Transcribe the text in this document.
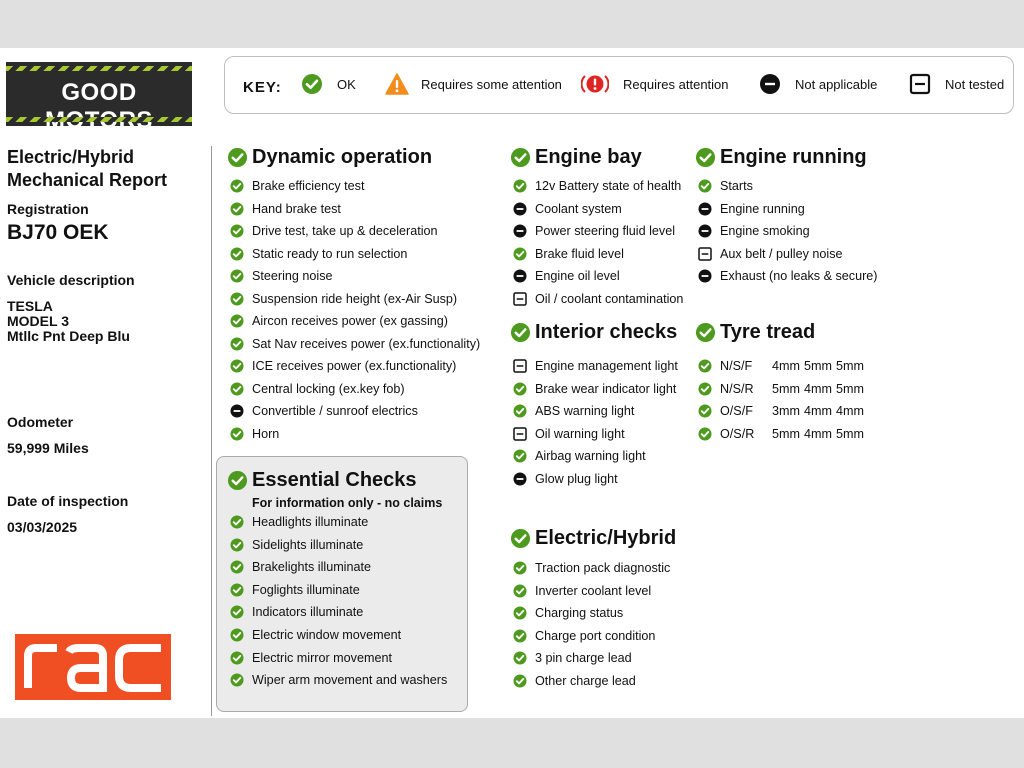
GOOD	KEY:	OK	Requires some attention	Requires attention	Not applicable	Not tested
Electric/Hybrid
Mechanical Report
Registration
BJ70 OEK
Vehicle description
TESLA
MODEL 3
Mtllc Pnt Deep Blu
Odometer
59,999 Miles
Date of inspection
03/03/2025
Dynamic operation
Brake efficiency test
Hand brake test
Drive test, take up & deceleration
Static ready to run selection
Steering noise
Suspension ride height (ex-Air Susp)
Aircon receives power (ex gassing)
Sat Nav receives power (ex.functionality)
ICE receives power (ex.functionality)
Central locking (ex.key fob)
Convertible / sunroof electrics
Horn
Essential Checks
For information only - no claims
Headlights illuminate
Sidelights illuminate
Brakelights illuminate
Foglights illuminate
Indicators illuminate
Electric window movement
Electric mirror movement
Wiper arm movement and washers
Engine bay
12v Battery state of health
Coolant system
Power steering fluid level
Brake fluid level
Engine oil level
Oil / coolant contamination
Interior checks
Engine management light
Brake wear indicator light
ABS warning light
Oil warning light
Airbag warning light
Glow plug light
Electric/Hybrid
Traction pack diagnostic
Inverter coolant level
Charging status
Charge port condition
3 pin charge lead
Other charge lead
Engine running
Starts
Engine running
Engine smoking
Aux belt / pulley noise
Exhaust (no leaks & secure)
Tyre tread
N/S/F	4mm 5mm 5mm
N/S/R	5mm 4mm 5mm
O/S/F	3mm 4mm 4mm
O/S/R	5mm 4mm 5mm
